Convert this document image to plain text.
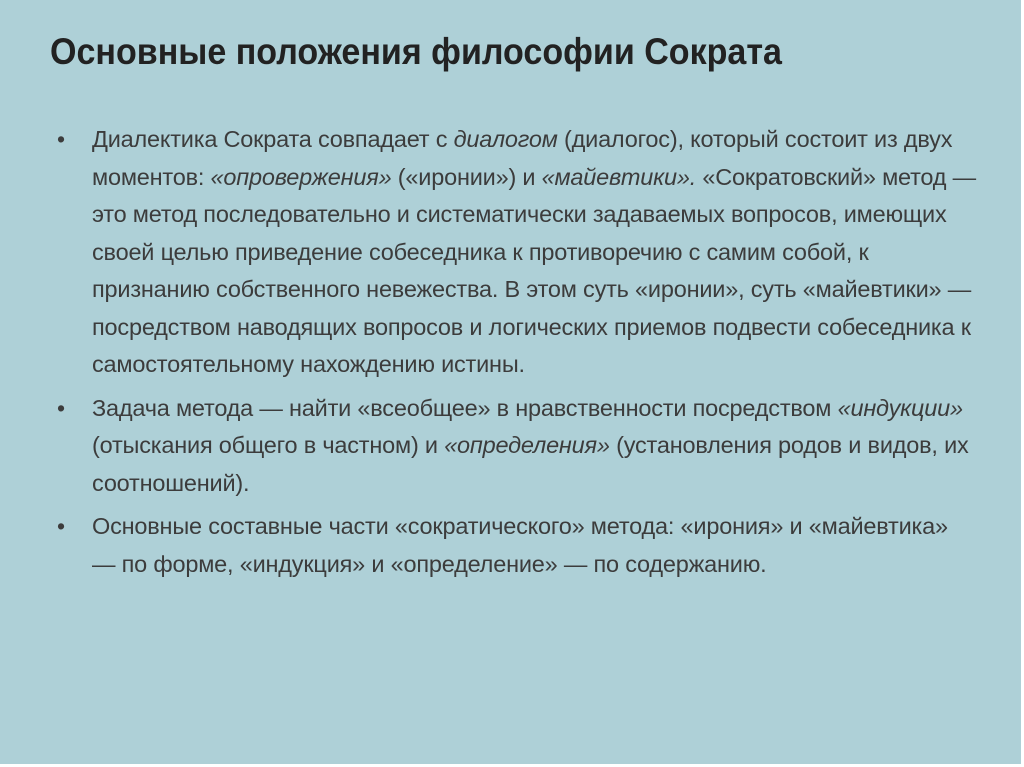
Основные положения философии Сократа
•	Диалектика Сократа совпадает с диалогом (диалогос), который состоит из двух моментов: «опровержения» («иронии») и «майевтики». «Сократовский» метод — это метод последовательно и систематически задаваемых вопросов, имеющих своей целью приведение собеседника к противоречию с самим собой, к признанию собственного невежества. В этом суть «иронии», суть «майевтики» — посредством наводящих вопросов и логических приемов подвести собеседника к самостоятельному нахождению истины.
•	Задача метода — найти «всеобщее» в нравственности посредством «индукции» (отыскания общего в частном) и «определения» (установления родов и видов, их соотношений).
•	Основные составные части «сократического» метода: «ирония» и «майевтика» — по форме, «индукция» и «определение» — по содержанию.
